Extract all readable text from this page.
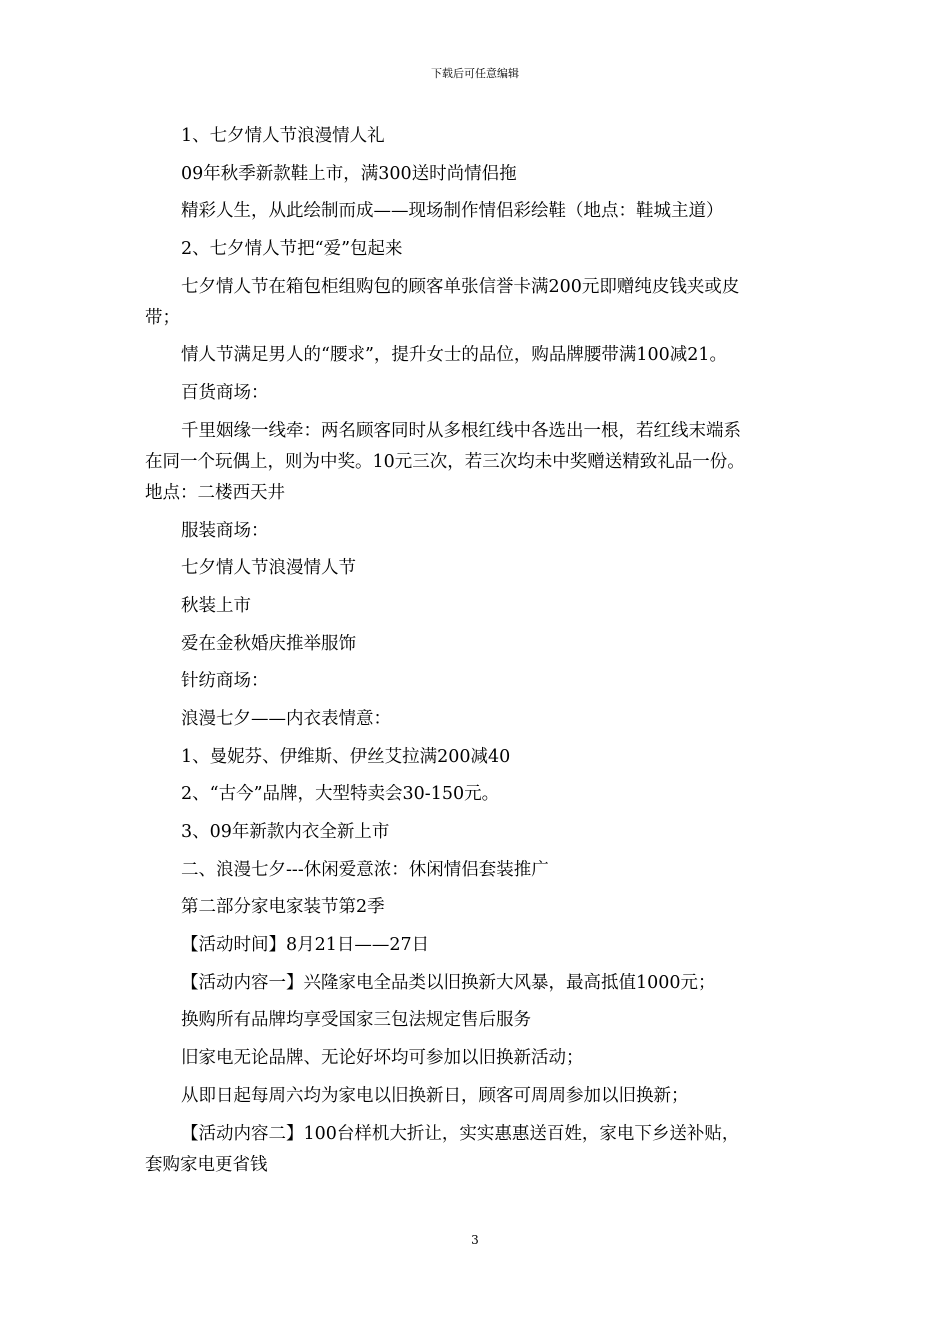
下载后可任意编辑
1、七夕情人节浪漫情人礼
09年秋季新款鞋上市，满300送时尚情侣拖
精彩人生，从此绘制而成——现场制作情侣彩绘鞋（地点：鞋城主道）
2、七夕情人节把“爱”包起来
七夕情人节在箱包柜组购包的顾客单张信誉卡满200元即赠纯皮钱夹或皮
带；
情人节满足男人的“腰求”，提升女士的品位，购品牌腰带满100减21。
百货商场：
千里姻缘一线牵：两名顾客同时从多根红线中各选出一根，若红线末端系
在同一个玩偶上，则为中奖。10元三次，若三次均未中奖赠送精致礼品一份。
地点：二楼西天井
服装商场：
七夕情人节浪漫情人节
秋装上市
爱在金秋婚庆推举服饰
针纺商场：
浪漫七夕——内衣表情意：
1、曼妮芬、伊维斯、伊丝艾拉满200减40
2、“古今”品牌，大型特卖会30-150元。
3、09年新款内衣全新上市
二、浪漫七夕---休闲爱意浓：休闲情侣套装推广
第二部分家电家装节第2季
【活动时间】8月21日——27日
【活动内容一】兴隆家电全品类以旧换新大风暴，最高抵值1000元；
换购所有品牌均享受国家三包法规定售后服务
旧家电无论品牌、无论好坏均可参加以旧换新活动；
从即日起每周六均为家电以旧换新日，顾客可周周参加以旧换新；
【活动内容二】100台样机大折让，实实惠惠送百姓，家电下乡送补贴，
套购家电更省钱
3
